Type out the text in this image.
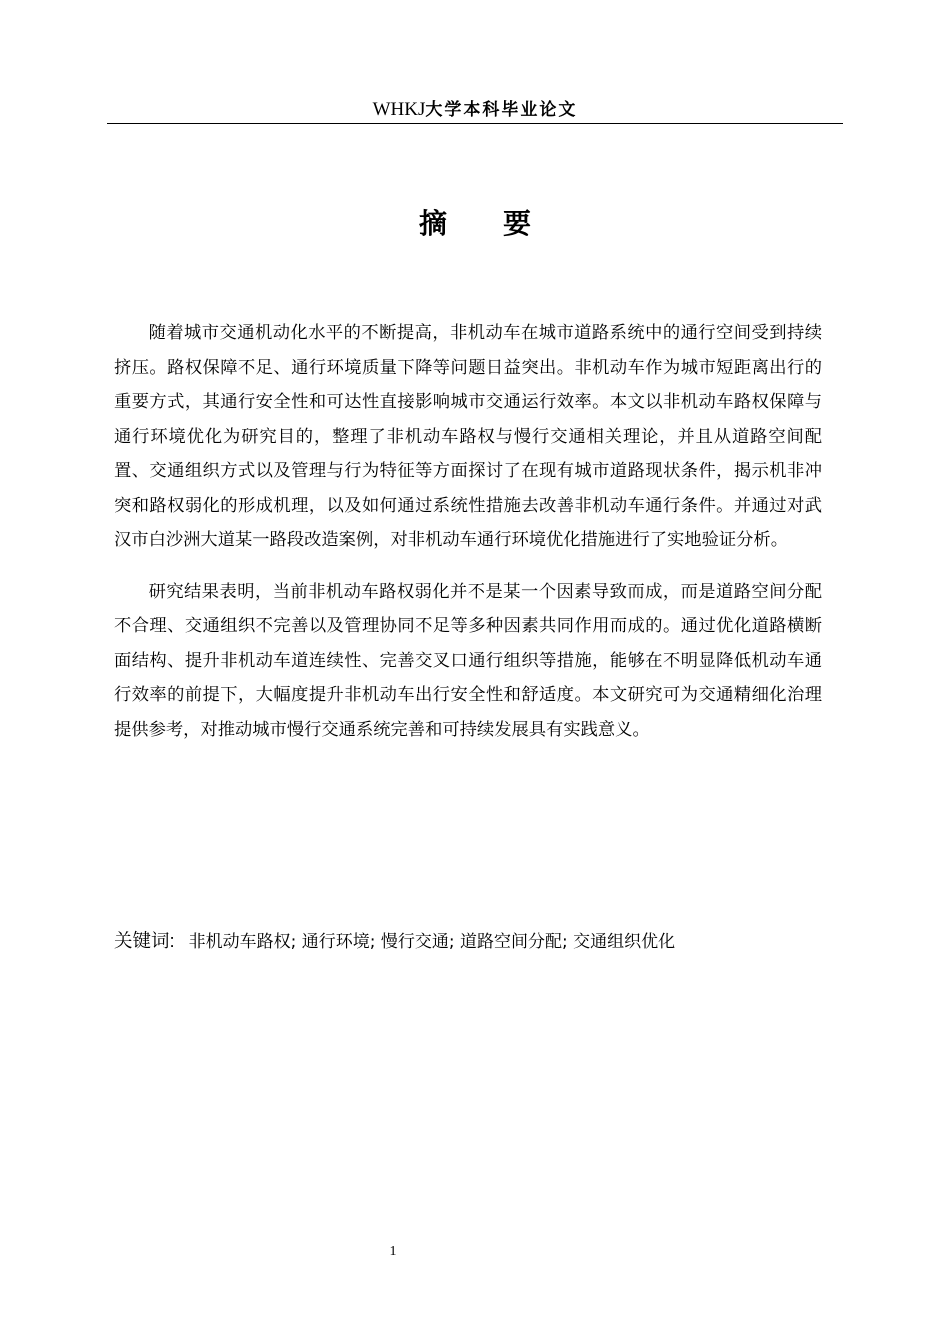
WHKJ大学本科毕业论文
摘 要

随着城市交通机动化水平的不断提高，非机动车在城市道路系统中的通行空间受到持续挤压。路权保障不足、通行环境质量下降等问题日益突出。非机动车作为城市短距离出行的重要方式，其通行安全性和可达性直接影响城市交通运行效率。本文以非机动车路权保障与通行环境优化为研究目的，整理了非机动车路权与慢行交通相关理论，并且从道路空间配置、交通组织方式以及管理与行为特征等方面探讨了在现有城市道路现状条件，揭示机非冲突和路权弱化的形成机理，以及如何通过系统性措施去改善非机动车通行条件。并通过对武汉市白沙洲大道某一路段改造案例，对非机动车通行环境优化措施进行了实地验证分析。

研究结果表明，当前非机动车路权弱化并不是某一个因素导致而成，而是道路空间分配不合理、交通组织不完善以及管理协同不足等多种因素共同作用而成的。通过优化道路横断面结构、提升非机动车道连续性、完善交叉口通行组织等措施，能够在不明显降低机动车通行效率的前提下，大幅度提升非机动车出行安全性和舒适度。本文研究可为交通精细化治理提供参考，对推动城市慢行交通系统完善和可持续发展具有实践意义。

关键词: 非机动车路权; 通行环境; 慢行交通; 道路空间分配; 交通组织优化
1
